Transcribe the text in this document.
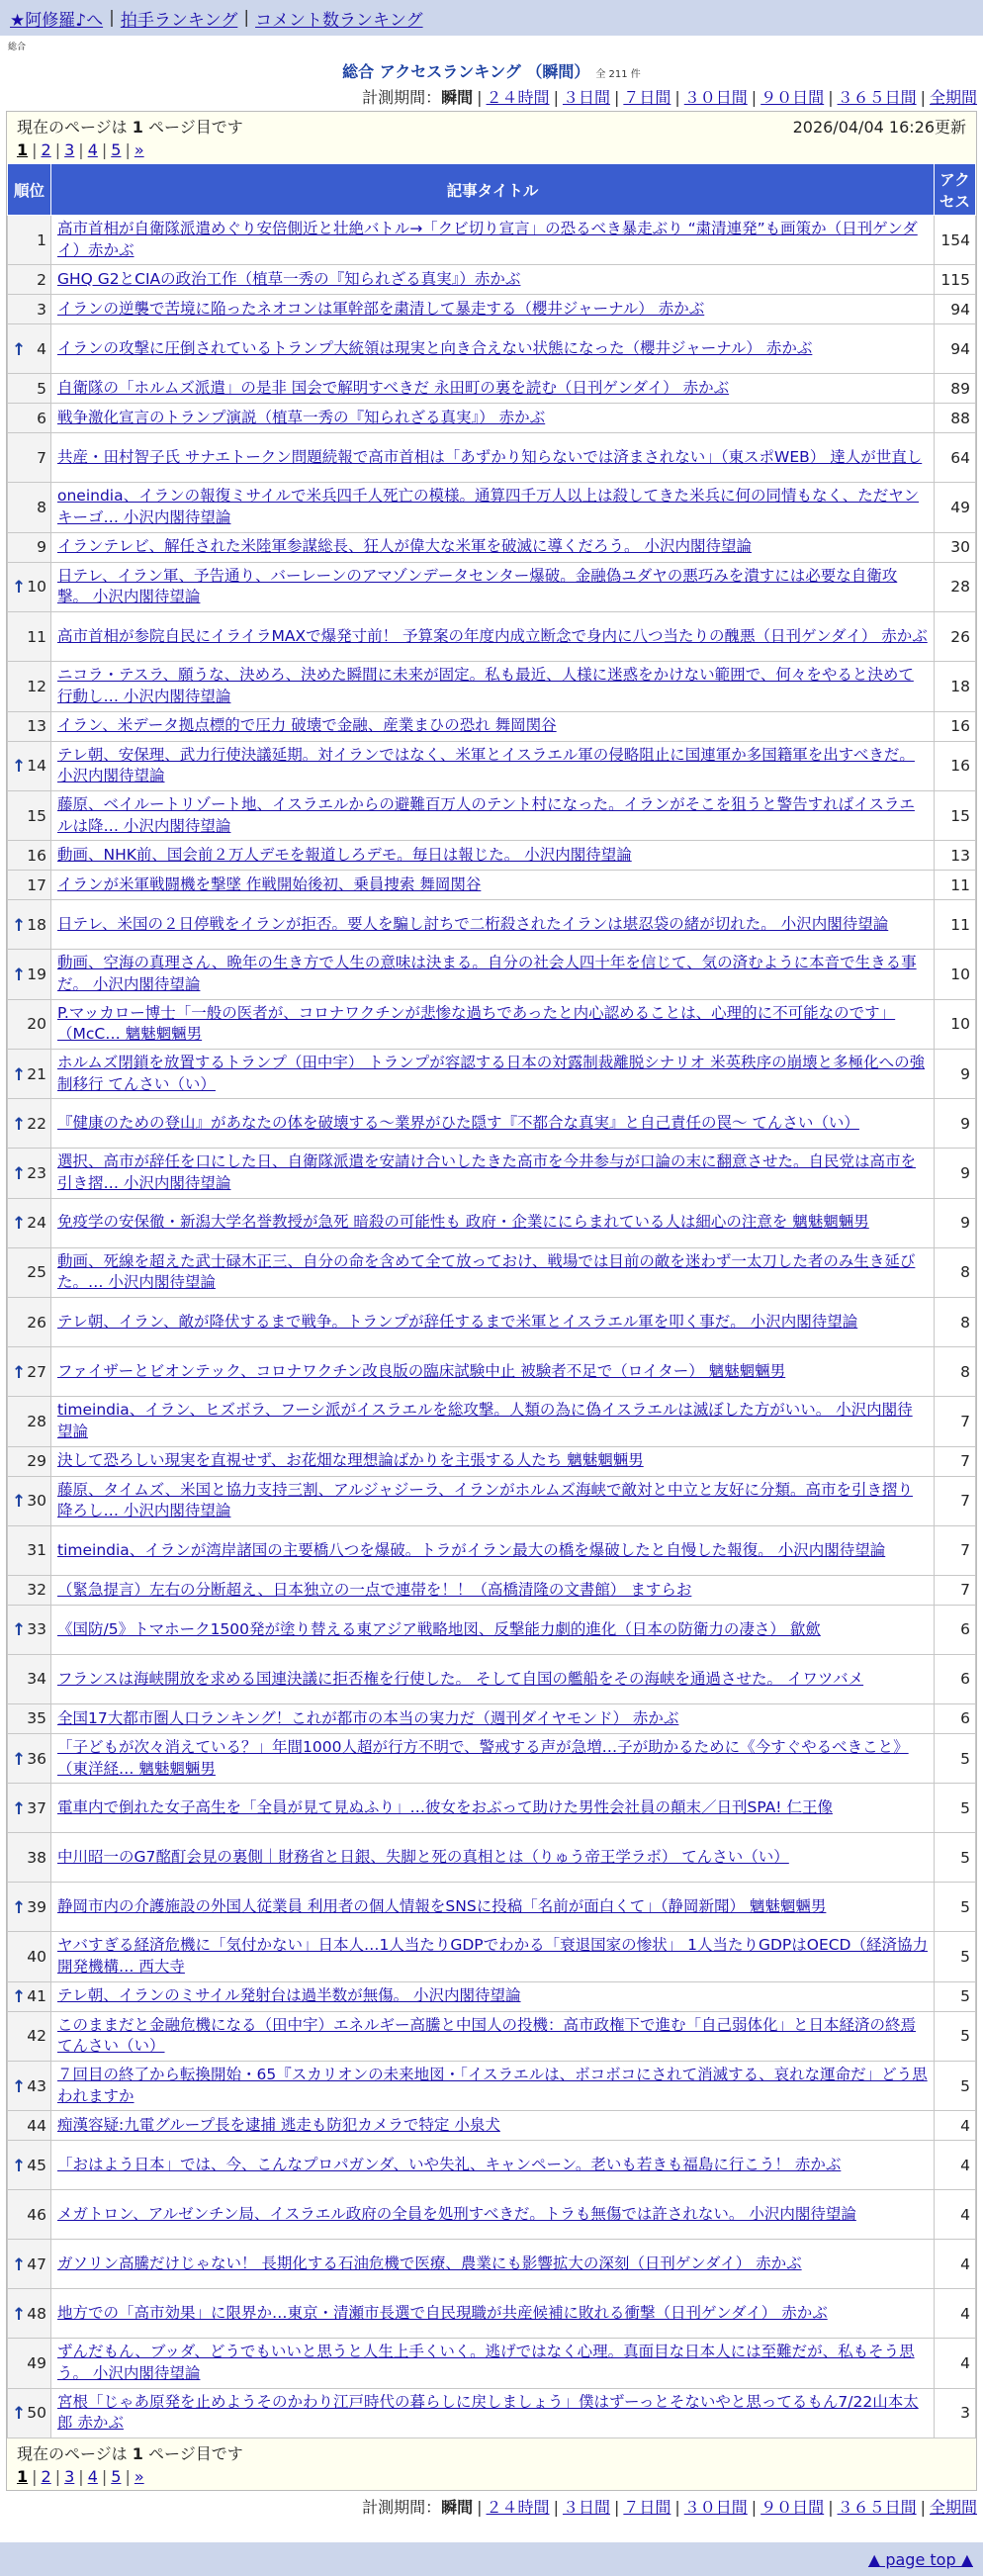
★阿修羅♪へ | 拍手ランキング | コメント数ランキング
総合
総合 アクセスランキング （瞬間） 全 211 件
計測期間：瞬間 | ２４時間 | ３日間 | ７日間 | ３０日間 | ９０日間 | ３６５日間 | 全期間
現在のページは 1 ページ目です	2026/04/04 16:26更新
1 | 2 | 3 | 4 | 5 | »
順位	記事タイトル	アクセス
1	高市首相が自衛隊派遣めぐり安倍側近と壮絶バトル→「クビ切り宣言」の恐るべき暴走ぶり “粛清連発”も画策か（日刊ゲンダイ）赤かぶ	154
2	GHQ G2とCIAの政治工作（植草一秀の『知られざる真実』）赤かぶ	115
3	イランの逆襲で苦境に陥ったネオコンは軍幹部を粛清して暴走する（櫻井ジャーナル） 赤かぶ	94

↑ 4	イランの攻撃に圧倒されているトランプ大統領は現実と向き合えない状態になった（櫻井ジャーナル） 赤かぶ	94
5	自衛隊の「ホルムズ派遣」の是非 国会で解明すべきだ 永田町の裏を読む（日刊ゲンダイ） 赤かぶ	89
6	戦争激化宣言のトランプ演説（植草一秀の『知られざる真実』） 赤かぶ	88
7	共産・田村智子氏 サナエトークン問題続報で高市首相は「あずかり知らないでは済まされない」（東スポWEB） 達人が世直し	64
8	oneindia、イランの報復ミサイルで米兵四千人死亡の模様。通算四千万人以上は殺してきた米兵に何の同情もなく、ただヤンキーゴ… 小沢内閣待望論	49
9	イランテレビ、解任された米陸軍参謀総長、狂人が偉大な米軍を破滅に導くだろう。 小沢内閣待望論	30

↑ 10	日テレ、イラン軍、予告通り、バーレーンのアマゾンデータセンター爆破。金融偽ユダヤの悪巧みを潰すには必要な自衛攻撃。 小沢内閣待望論	28
11	高市首相が参院自民にイライラMAXで爆発寸前！ 予算案の年度内成立断念で身内に八つ当たりの醜悪（日刊ゲンダイ） 赤かぶ	26
12	ニコラ・テスラ、願うな、決めろ、決めた瞬間に未来が固定。私も最近、人様に迷惑をかけない範囲で、何々をやると決めて行動し… 小沢内閣待望論	18
13	イラン、米データ拠点標的で圧力 破壊で金融、産業まひの恐れ 舞岡関谷	16

↑ 14	テレ朝、安保理、武力行使決議延期。対イランではなく、米軍とイスラエル軍の侵略阻止に国連軍か多国籍軍を出すべきだ。 小沢内閣待望論	16
15	藤原、ベイルートリゾート地、イスラエルからの避難百万人のテント村になった。イランがそこを狙うと警告すればイスラエルは降… 小沢内閣待望論	15
16	動画、NHK前、国会前２万人デモを報道しろデモ。毎日は報じた。 小沢内閣待望論	13
17	イランが米軍戦闘機を撃墜 作戦開始後初、乗員捜索 舞岡関谷	11

↑ 18	日テレ、米国の２日停戦をイランが拒否。要人を騙し討ちで二桁殺されたイランは堪忍袋の緒が切れた。 小沢内閣待望論	11

↑ 19	動画、空海の真理さん、晩年の生き方で人生の意味は決まる。自分の社会人四十年を信じて、気の済むように本音で生きる事だ。 小沢内閣待望論	10
20	P.マッカロー博士「一般の医者が、コロナワクチンが悲惨な過ちであったと内心認めることは、心理的に不可能なのです」（McC… 魑魅魍魎男	10

↑ 21	ホルムズ閉鎖を放置するトランプ（田中宇） トランプが容認する日本の対露制裁離脱シナリオ 米英秩序の崩壊と多極化への強制移行 てんさい（い）	9

↑ 22	『健康のための登山』があなたの体を破壊する〜業界がひた隠す『不都合な真実』と自己責任の罠〜 てんさい（い）	9

↑ 23	選択、高市が辞任を口にした日、自衛隊派遣を安請け合いしたきた高市を今井参与が口論の末に翻意させた。自民党は高市を引き摺… 小沢内閣待望論	9

↑ 24	免疫学の安保徹・新潟大学名誉教授が急死 暗殺の可能性も 政府・企業ににらまれている人は細心の注意を 魑魅魍魎男	9
25	動画、死線を超えた武士碌木正三、自分の命を含めて全て放っておけ、戦場では目前の敵を迷わず一太刀した者のみ生き延びた。… 小沢内閣待望論	8
26	テレ朝、イラン、敵が降伏するまで戦争。トランプが辞任するまで米軍とイスラエル軍を叩く事だ。 小沢内閣待望論	8

↑ 27	ファイザーとビオンテック、コロナワクチン改良版の臨床試験中止 被験者不足で（ロイター） 魑魅魍魎男	8
28	timeindia、イラン、ヒズボラ、フーシ派がイスラエルを総攻撃。人類の為に偽イスラエルは滅ぼした方がいい。 小沢内閣待望論	7
29	決して恐ろしい現実を直視せず、お花畑な理想論ばかりを主張する人たち 魑魅魍魎男	7

↑ 30	藤原、タイムズ、米国と協力支持三割、アルジャジーラ、イランがホルムズ海峡で敵対と中立と友好に分類。高市を引き摺り降ろし… 小沢内閣待望論	7
31	timeindia、イランが湾岸諸国の主要橋八つを爆破。トラがイラン最大の橋を爆破したと自慢した報復。 小沢内閣待望論	7
32	（緊急提言）左右の分断超え、日本独立の一点で連帯を！！（高橋清隆の文書館） ますらお	7

↑ 33	《国防/5》トマホーク1500発が塗り替える東アジア戦略地図、反撃能力劇的進化（日本の防衛力の凄さ） 歙歛	6
34	フランスは海峡開放を求める国連決議に拒否権を行使した。 そして自国の艦船をその海峡を通過させた。 イワツバメ	6
35	全国17大都市圏人口ランキング！これが都市の本当の実力だ（週刊ダイヤモンド） 赤かぶ	6

↑ 36	「子どもが次々消えている？」年間1000人超が行方不明で、警戒する声が急増…子が助かるために《今すぐやるべきこと》（東洋経… 魑魅魍魎男	5

↑ 37	電車内で倒れた女子高生を「全員が見て見ぬふり」…彼女をおぶって助けた男性会社員の顛末／日刊SPA! 仁王像	5
38	中川昭一のG7酩酊会見の裏側｜財務省と日銀、失脚と死の真相とは（りゅう帝王学ラボ） てんさい（い）	5

↑ 39	静岡市内の介護施設の外国人従業員 利用者の個人情報をSNSに投稿「名前が面白くて」（静岡新聞） 魑魅魍魎男	5
40	ヤバすぎる経済危機に「気付かない」日本人…1人当たりGDPでわかる「衰退国家の惨状」 1人当たりGDPはOECD（経済協力開発機構… 西大寺	5

↑ 41	テレ朝、イランのミサイル発射台は過半数が無傷。 小沢内閣待望論	5
42	このままだと金融危機になる（田中宇）エネルギー高騰と中国人の投機：高市政権下で進む「自己弱体化」と日本経済の終焉 てんさい（い）	5

↑ 43	７回目の終了から転換開始・65『スカリオンの未来地図・「イスラエルは、ボコボコにされて消滅する、哀れな運命だ」どう思われますか	5
44	痴漢容疑:九電グループ長を逮捕 逃走も防犯カメラで特定 小泉犬	4

↑ 45	「おはよう日本」では、今、こんなプロパガンダ、いや失礼、キャンペーン。老いも若きも福島に行こう！ 赤かぶ	4
46	メガトロン、アルゼンチン局、イスラエル政府の全員を処刑すべきだ。トラも無傷では許されない。 小沢内閣待望論	4

↑ 47	ガソリン高騰だけじゃない！ 長期化する石油危機で医療、農業にも影響拡大の深刻（日刊ゲンダイ） 赤かぶ	4

↑ 48	地方での「高市効果」に限界か…東京・清瀬市長選で自民現職が共産候補に敗れる衝撃（日刊ゲンダイ） 赤かぶ	4
49	ずんだもん、ブッダ、どうでもいいと思うと人生上手くいく。逃げではなく心理。真面目な日本人には至難だが、私もそう思う。 小沢内閣待望論	4

↑ 50	宮根「じゃあ原発を止めようそのかわり江戸時代の暮らしに戻しましょう」僕はずーっとそないやと思ってるもん7/22山本太郎 赤かぶ	3
現在のページは 1 ページ目です
1 | 2 | 3 | 4 | 5 | »
計測期間：瞬間 | ２４時間 | ３日間 | ７日間 | ３０日間 | ９０日間 | ３６５日間 | 全期間
▲ page top ▲
